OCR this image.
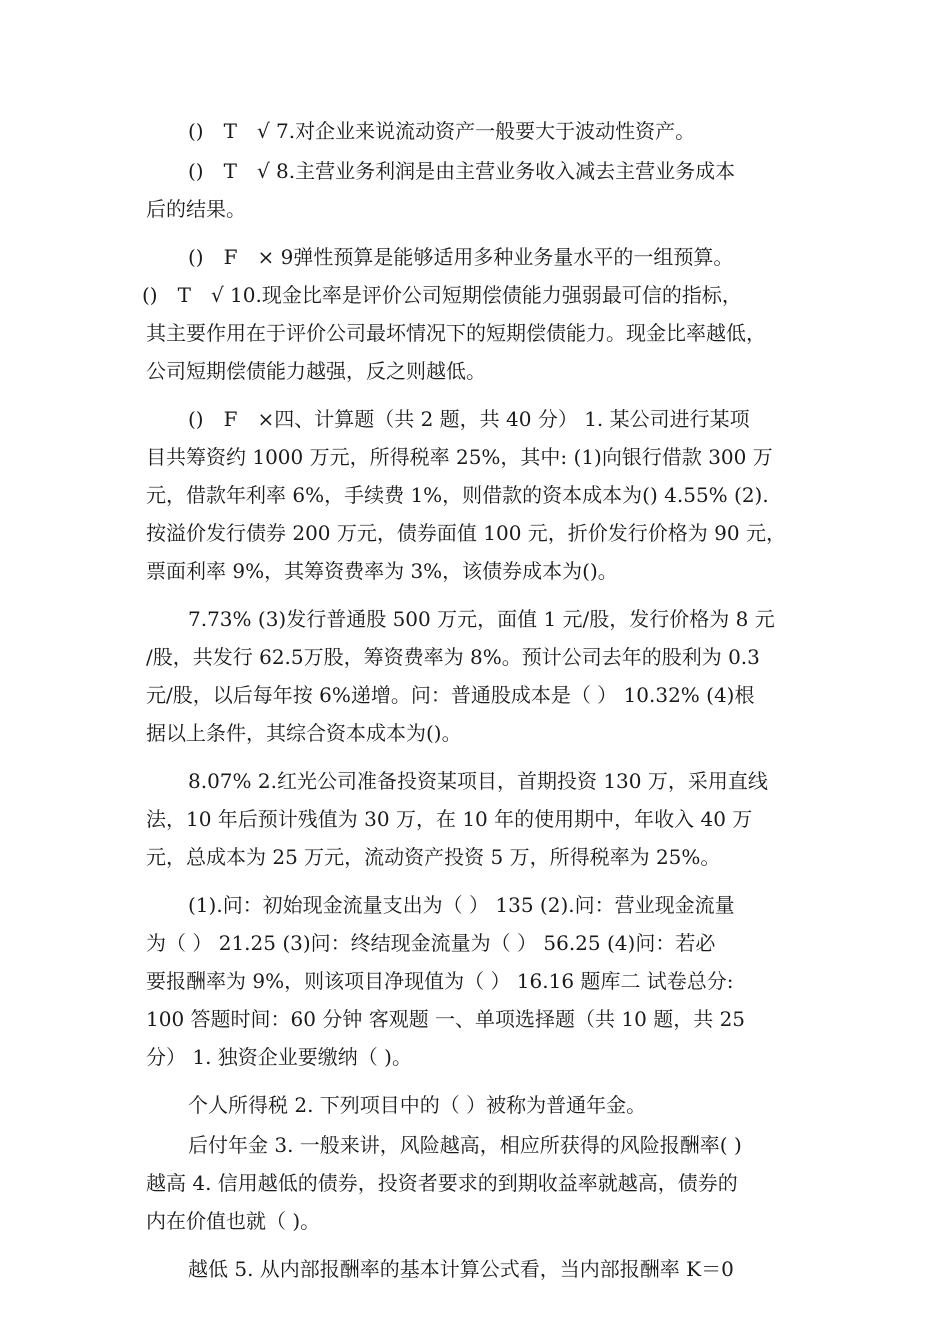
()　T　√ 7.对企业来说流动资产一般要大于波动性资产。

()　T　√ 8.主营业务利润是由主营业务收入减去主营业务成本
后的结果。

()　F　× 9弹性预算是能够适用多种业务量水平的一组预算。

()　T　√ 10.现金比率是评价公司短期偿债能力强弱最可信的指标，
其主要作用在于评价公司最坏情况下的短期偿债能力。现金比率越低，
公司短期偿债能力越强，反之则越低。

()　F　×四、计算题（共 2 题，共 40 分） 1. 某公司进行某项
目共筹资约 1000 万元，所得税率 25%，其中: (1)向银行借款 300 万
元，借款年利率 6%，手续费 1%，则借款的资本成本为() 4.55% (2).
按溢价发行债券 200 万元，债券面值 100 元，折价发行价格为 90 元，
票面利率 9%，其筹资费率为 3%，该债券成本为()。

7.73% (3)发行普通股 500 万元，面值 1 元/股，发行价格为 8 元
/股，共发行 62.5万股，筹资费率为 8%。预计公司去年的股利为 0.3
元/股，以后每年按 6%递增。问：普通股成本是（ ） 10.32% (4)根
据以上条件，其综合资本成本为()。

8.07% 2.红光公司准备投资某项目，首期投资 130 万，采用直线
法，10 年后预计残值为 30 万，在 10 年的使用期中，年收入 40 万
元，总成本为 25 万元，流动资产投资 5 万，所得税率为 25%。

(1).问：初始现金流量支出为（ ） 135 (2).问：营业现金流量
为（ ） 21.25 (3)问：终结现金流量为（ ） 56.25 (4)问：若必
要报酬率为 9%，则该项目净现值为（ ） 16.16 题库二 试卷总分:
100 答题时间：60 分钟 客观题 一、单项选择题（共 10 题，共 25
分） 1. 独资企业要缴纳（ )。

个人所得税 2. 下列项目中的（ ）被称为普通年金。

后付年金 3. 一般来讲，风险越高，相应所获得的风险报酬率( )
越高 4. 信用越低的债券，投资者要求的到期收益率就越高，债券的
内在价值也就（ )。

越低 5. 从内部报酬率的基本计算公式看，当内部报酬率 K＝0
